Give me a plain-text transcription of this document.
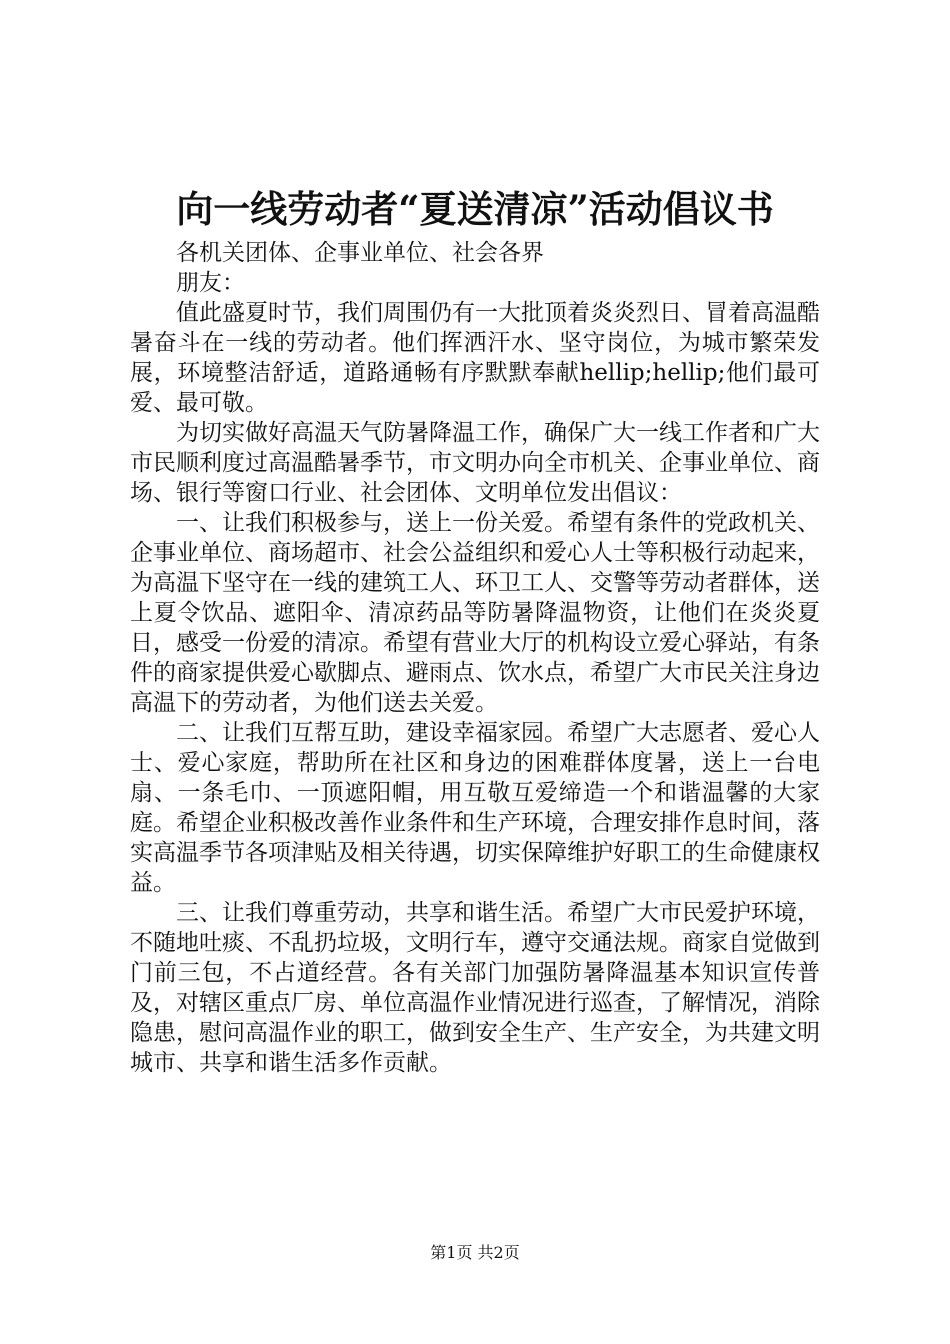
向一线劳动者“夏送清凉”活动倡议书

各机关团体、企事业单位、社会各界

朋友：

值此盛夏时节，我们周围仍有一大批顶着炎炎烈日、冒着高温酷暑奋斗在一线的劳动者。他们挥洒汗水、坚守岗位，为城市繁荣发展，环境整洁舒适，道路通畅有序默默奉献hellip;hellip;他们最可爱、最可敬。

为切实做好高温天气防暑降温工作，确保广大一线工作者和广大市民顺利度过高温酷暑季节，市文明办向全市机关、企事业单位、商场、银行等窗口行业、社会团体、文明单位发出倡议：

一、让我们积极参与，送上一份关爱。希望有条件的党政机关、企事业单位、商场超市、社会公益组织和爱心人士等积极行动起来，为高温下坚守在一线的建筑工人、环卫工人、交警等劳动者群体，送上夏令饮品、遮阳伞、清凉药品等防暑降温物资，让他们在炎炎夏日，感受一份爱的清凉。希望有营业大厅的机构设立爱心驿站，有条件的商家提供爱心歇脚点、避雨点、饮水点，希望广大市民关注身边高温下的劳动者，为他们送去关爱。

二、让我们互帮互助，建设幸福家园。希望广大志愿者、爱心人士、爱心家庭，帮助所在社区和身边的困难群体度暑，送上一台电扇、一条毛巾、一顶遮阳帽，用互敬互爱缔造一个和谐温馨的大家庭。希望企业积极改善作业条件和生产环境，合理安排作息时间，落实高温季节各项津贴及相关待遇，切实保障维护好职工的生命健康权益。

三、让我们尊重劳动，共享和谐生活。希望广大市民爱护环境，不随地吐痰、不乱扔垃圾，文明行车，遵守交通法规。商家自觉做到门前三包，不占道经营。各有关部门加强防暑降温基本知识宣传普及，对辖区重点厂房、单位高温作业情况进行巡查，了解情况，消除隐患，慰问高温作业的职工，做到安全生产、生产安全，为共建文明城市、共享和谐生活多作贡献。

第1页 共2页
